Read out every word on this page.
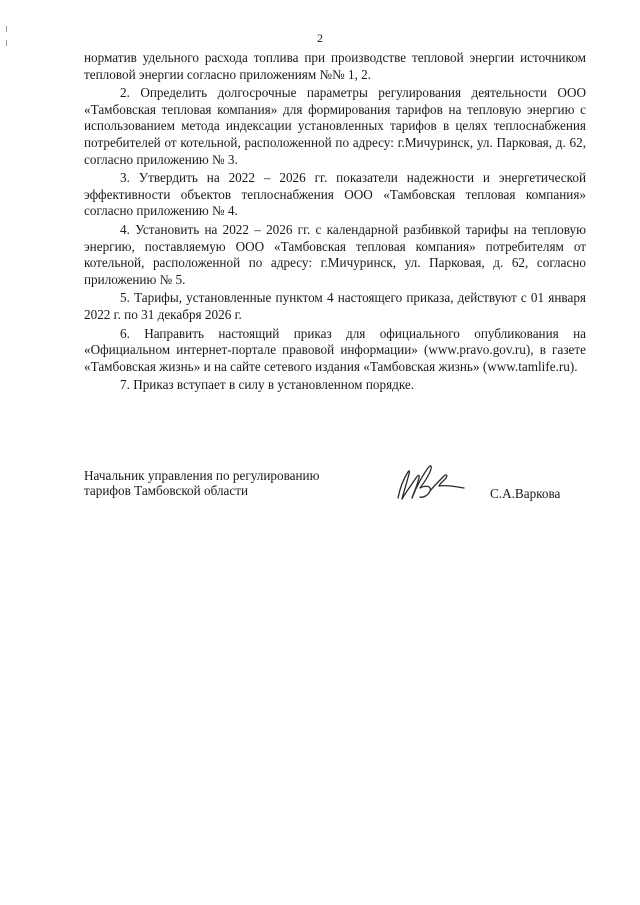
2

норматив удельного расхода топлива при производстве тепловой энергии источником тепловой энергии согласно приложениям №№ 1, 2.

2. Определить долгосрочные параметры регулирования деятельности ООО «Тамбовская тепловая компания» для формирования тарифов на тепловую энергию с использованием метода индексации установленных тарифов в целях теплоснабжения потребителей от котельной, расположенной по адресу: г.Мичуринск, ул. Парковая, д. 62, согласно приложению № 3.

3. Утвердить на 2022 – 2026 гг. показатели надежности и энергетической эффективности объектов теплоснабжения ООО «Тамбовская тепловая компания» согласно приложению № 4.

4. Установить на 2022 – 2026 гг. с календарной разбивкой тарифы на тепловую энергию, поставляемую ООО «Тамбовская тепловая компания» потребителям от котельной, расположенной по адресу: г.Мичуринск, ул. Парковая, д. 62, согласно приложению № 5.

5. Тарифы, установленные пунктом 4 настоящего приказа, действуют с 01 января 2022 г. по 31 декабря 2026 г.

6. Направить настоящий приказ для официального опубликования на «Официальном интернет-портале правовой информации» (www.pravo.gov.ru), в газете «Тамбовская жизнь» и на сайте сетевого издания «Тамбовская жизнь» (www.tamlife.ru).

7. Приказ вступает в силу в установленном порядке.

Начальник управления по регулированию
тарифов Тамбовской области	С.А.Варкова
